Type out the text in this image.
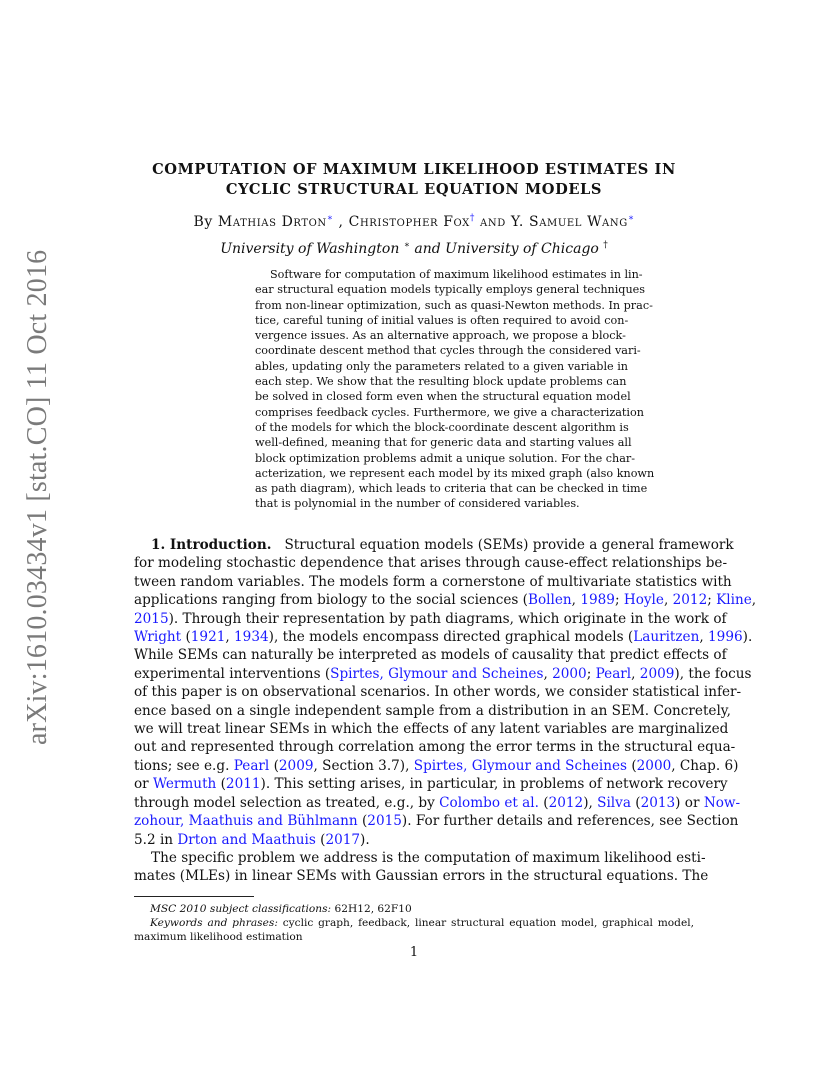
arXiv:1610.03434v1 [stat.CO] 11 Oct 2016
COMPUTATION OF MAXIMUM LIKELIHOOD ESTIMATES IN
CYCLIC STRUCTURAL EQUATION MODELS
By Mathias Drton∗ , Christopher Fox† and Y. Samuel Wang∗
University of Washington ∗ and University of Chicago †
Software for computation of maximum likelihood estimates in lin-
ear structural equation models typically employs general techniques
from non-linear optimization, such as quasi-Newton methods. In prac-
tice, careful tuning of initial values is often required to avoid con-
vergence issues. As an alternative approach, we propose a block-
coordinate descent method that cycles through the considered vari-
ables, updating only the parameters related to a given variable in
each step. We show that the resulting block update problems can
be solved in closed form even when the structural equation model
comprises feedback cycles. Furthermore, we give a characterization
of the models for which the block-coordinate descent algorithm is
well-defined, meaning that for generic data and starting values all
block optimization problems admit a unique solution. For the char-
acterization, we represent each model by its mixed graph (also known
as path diagram), which leads to criteria that can be checked in time
that is polynomial in the number of considered variables.
1. Introduction. Structural equation models (SEMs) provide a general framework
for modeling stochastic dependence that arises through cause-effect relationships be-
tween random variables. The models form a cornerstone of multivariate statistics with
applications ranging from biology to the social sciences (Bollen, 1989; Hoyle, 2012; Kline,
2015). Through their representation by path diagrams, which originate in the work of
Wright (1921, 1934), the models encompass directed graphical models (Lauritzen, 1996).
While SEMs can naturally be interpreted as models of causality that predict effects of
experimental interventions (Spirtes, Glymour and Scheines, 2000; Pearl, 2009), the focus
of this paper is on observational scenarios. In other words, we consider statistical infer-
ence based on a single independent sample from a distribution in an SEM. Concretely,
we will treat linear SEMs in which the effects of any latent variables are marginalized
out and represented through correlation among the error terms in the structural equa-
tions; see e.g. Pearl (2009, Section 3.7), Spirtes, Glymour and Scheines (2000, Chap. 6)
or Wermuth (2011). This setting arises, in particular, in problems of network recovery
through model selection as treated, e.g., by Colombo et al. (2012), Silva (2013) or Now-
zohour, Maathuis and Bühlmann (2015). For further details and references, see Section
5.2 in Drton and Maathuis (2017).
The specific problem we address is the computation of maximum likelihood esti-
mates (MLEs) in linear SEMs with Gaussian errors in the structural equations. The
MSC 2010 subject classifications: 62H12, 62F10
Keywords and phrases: cyclic graph, feedback, linear structural equation model, graphical model,
maximum likelihood estimation
1
